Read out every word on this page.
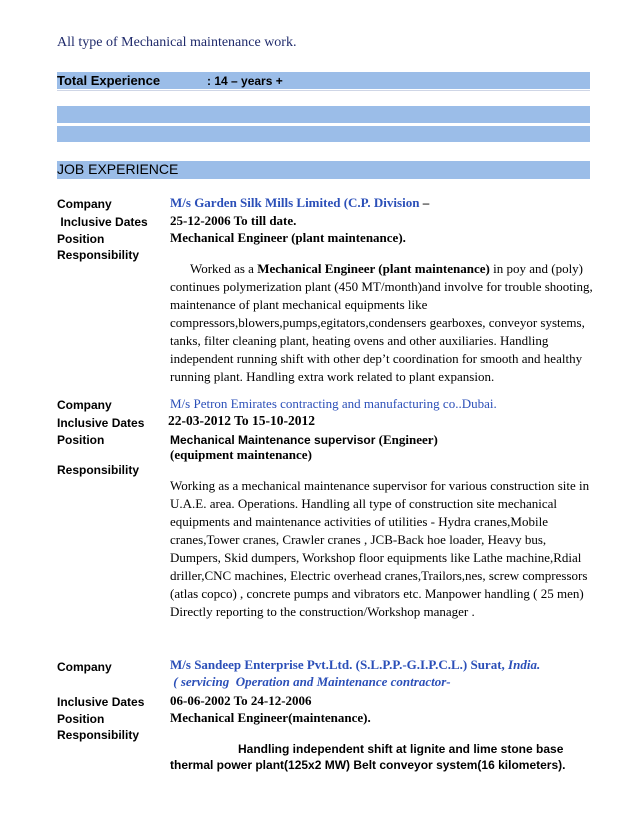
All type of Mechanical maintenance work.
Total Experience	: 14 – years +
JOB EXPERIENCE
Company	M/s Garden Silk Mills Limited (C.P. Division –
Inclusive Dates 25-12-2006 To till date.
Position	Mechanical Engineer (plant maintenance).
Responsibility
Worked as a Mechanical Engineer (plant maintenance) in poy and (poly) continues polymerization plant (450 MT/month)and involve for trouble shooting, maintenance of plant mechanical equipments like compressors,blowers,pumps,egitators,condensers gearboxes, conveyor systems, tanks, filter cleaning plant, heating ovens and other auxiliaries. Handling independent running shift with other dep’t coordination for smooth and healthy running plant. Handling extra work related to plant expansion.
Company	M/s Petron Emirates contracting and manufacturing co..Dubai.
Inclusive Dates 22-03-2012 To 15-10-2012
Position	Mechanical Maintenance supervisor (Engineer)
(equipment maintenance)
Responsibility
Working as a mechanical maintenance supervisor for various construction site in U.A.E. area. Operations. Handling all type of construction site mechanical equipments and maintenance activities of utilities - Hydra cranes,Mobile cranes,Tower cranes, Crawler cranes , JCB-Back hoe loader, Heavy bus, Dumpers, Skid dumpers, Workshop floor equipments like Lathe machine,Rdial driller,CNC machines, Electric overhead cranes,Trailors,nes, screw compressors (atlas copco) , concrete pumps and vibrators etc. Manpower handling ( 25 men) Directly reporting to the construction/Workshop manager .
Company	M/s Sandeep Enterprise Pvt.Ltd. (S.L.P.P.-G.I.P.C.L.) Surat, India.
( servicing  Operation and Maintenance contractor-
Inclusive Dates 06-06-2002 To 24-12-2006
Position	Mechanical Engineer(maintenance).
Responsibility
Handling independent shift at lignite and lime stone base thermal power plant(125x2 MW) Belt conveyor system(16 kilometers).
